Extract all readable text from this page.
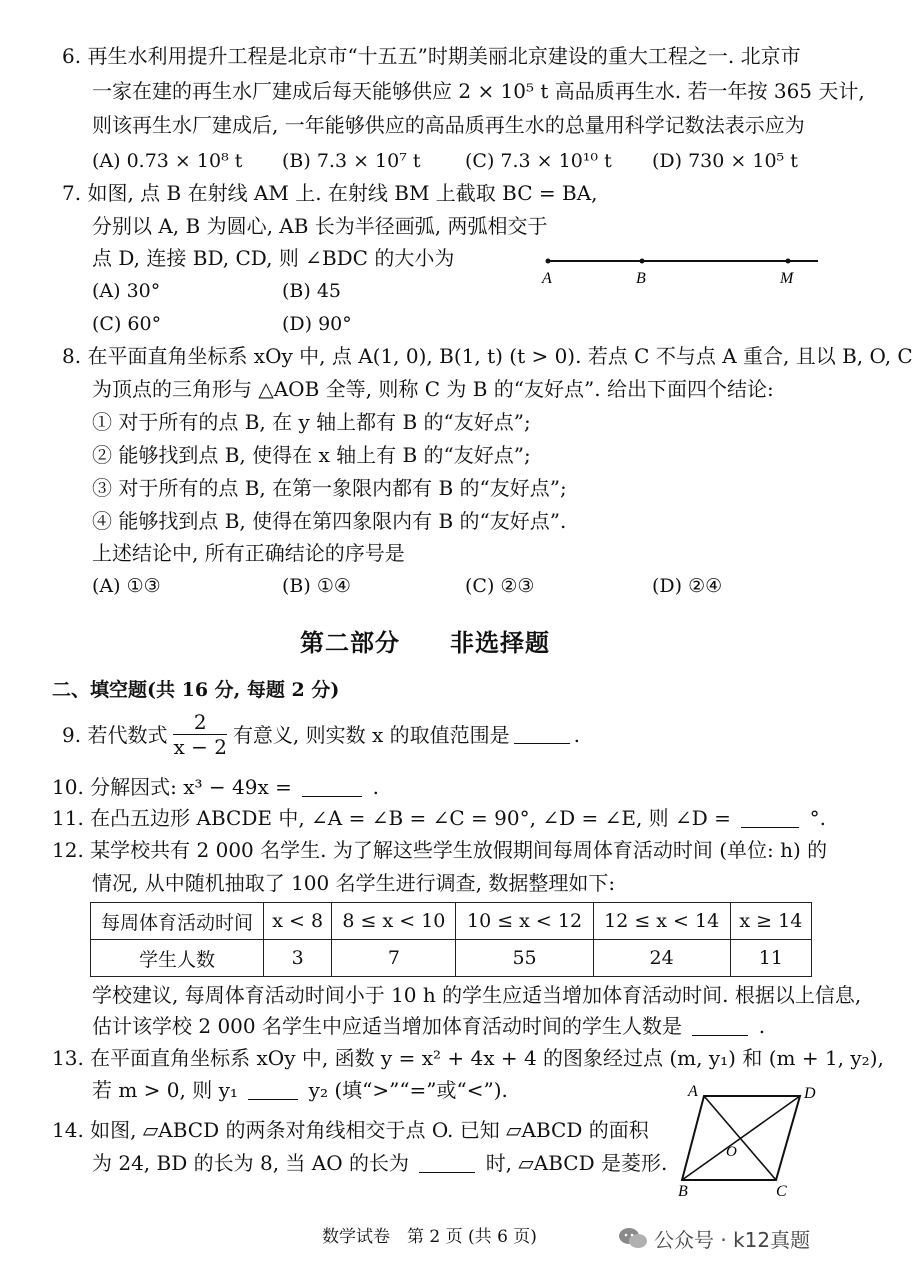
6. 再生水利用提升工程是北京市“十五五”时期美丽北京建设的重大工程之一. 北京市
一家在建的再生水厂建成后每天能够供应 2 × 10⁵ t 高品质再生水. 若一年按 365 天计,
则该再生水厂建成后, 一年能够供应的高品质再生水的总量用科学记数法表示应为
(A) 0.73 × 10⁸ t (B) 7.3 × 10⁷ t (C) 7.3 × 10¹⁰ t (D) 730 × 10⁵ t
7. 如图, 点 B 在射线 AM 上. 在射线 BM 上截取 BC = BA,
分别以 A, B 为圆心, AB 长为半径画弧, 两弧相交于
点 D, 连接 BD, CD, 则 ∠BDC 的大小为
(A) 30°	(B) 45
(C) 60°	(D) 90°
A	B	M
8. 在平面直角坐标系 xOy 中, 点 A(1, 0), B(1, t) (t > 0). 若点 C 不与点 A 重合, 且以 B, O, C
为顶点的三角形与 △AOB 全等, 则称 C 为 B 的“友好点”. 给出下面四个结论:
① 对于所有的点 B, 在 y 轴上都有 B 的“友好点”;
② 能够找到点 B, 使得在 x 轴上有 B 的“友好点”;
③ 对于所有的点 B, 在第一象限内都有 B 的“友好点”;
④ 能够找到点 B, 使得在第四象限内有 B 的“友好点”.
上述结论中, 所有正确结论的序号是
(A) ①③	(B) ①④	(C) ②③	(D) ②④
第二部分　　非选择题
二、填空题(共 16 分, 每题 2 分)
9. 若代数式 $\frac{2}{x - 2}$ 有意义, 则实数 x 的取值范围是	.
10. 分解因式: x³ − 49x =	.
11. 在凸五边形 ABCDE 中, ∠A = ∠B = ∠C = 90°, ∠D = ∠E, 则 ∠D =	°.
12. 某学校共有 2 000 名学生. 为了解这些学生放假期间每周体育活动时间 (单位: h) 的
情况, 从中随机抽取了 100 名学生进行调查, 数据整理如下:
每周体育活动时间	x < 8	8 ≤ x < 10	10 ≤ x < 12	12 ≤ x < 14	x ≥ 14
学生人数	3	7	55	24	11
学校建议, 每周体育活动时间小于 10 h 的学生应适当增加体育活动时间. 根据以上信息,
估计该学校 2 000 名学生中应适当增加体育活动时间的学生人数是	.
13. 在平面直角坐标系 xOy 中, 函数 y = x² + 4x + 4 的图象经过点 (m, y₁) 和 (m + 1, y₂),
若 m > 0, 则 y₁	y₂ (填“>”“=”或“<”).
14. 如图, ▱ABCD 的两条对角线相交于点 O. 已知 ▱ABCD 的面积
为 24, BD 的长为 8, 当 AO 的长为	时, ▱ABCD 是菱形.
A	D
O
B	C
数学试卷　第 2 页 (共 6 页)	公众号 · k12真题
